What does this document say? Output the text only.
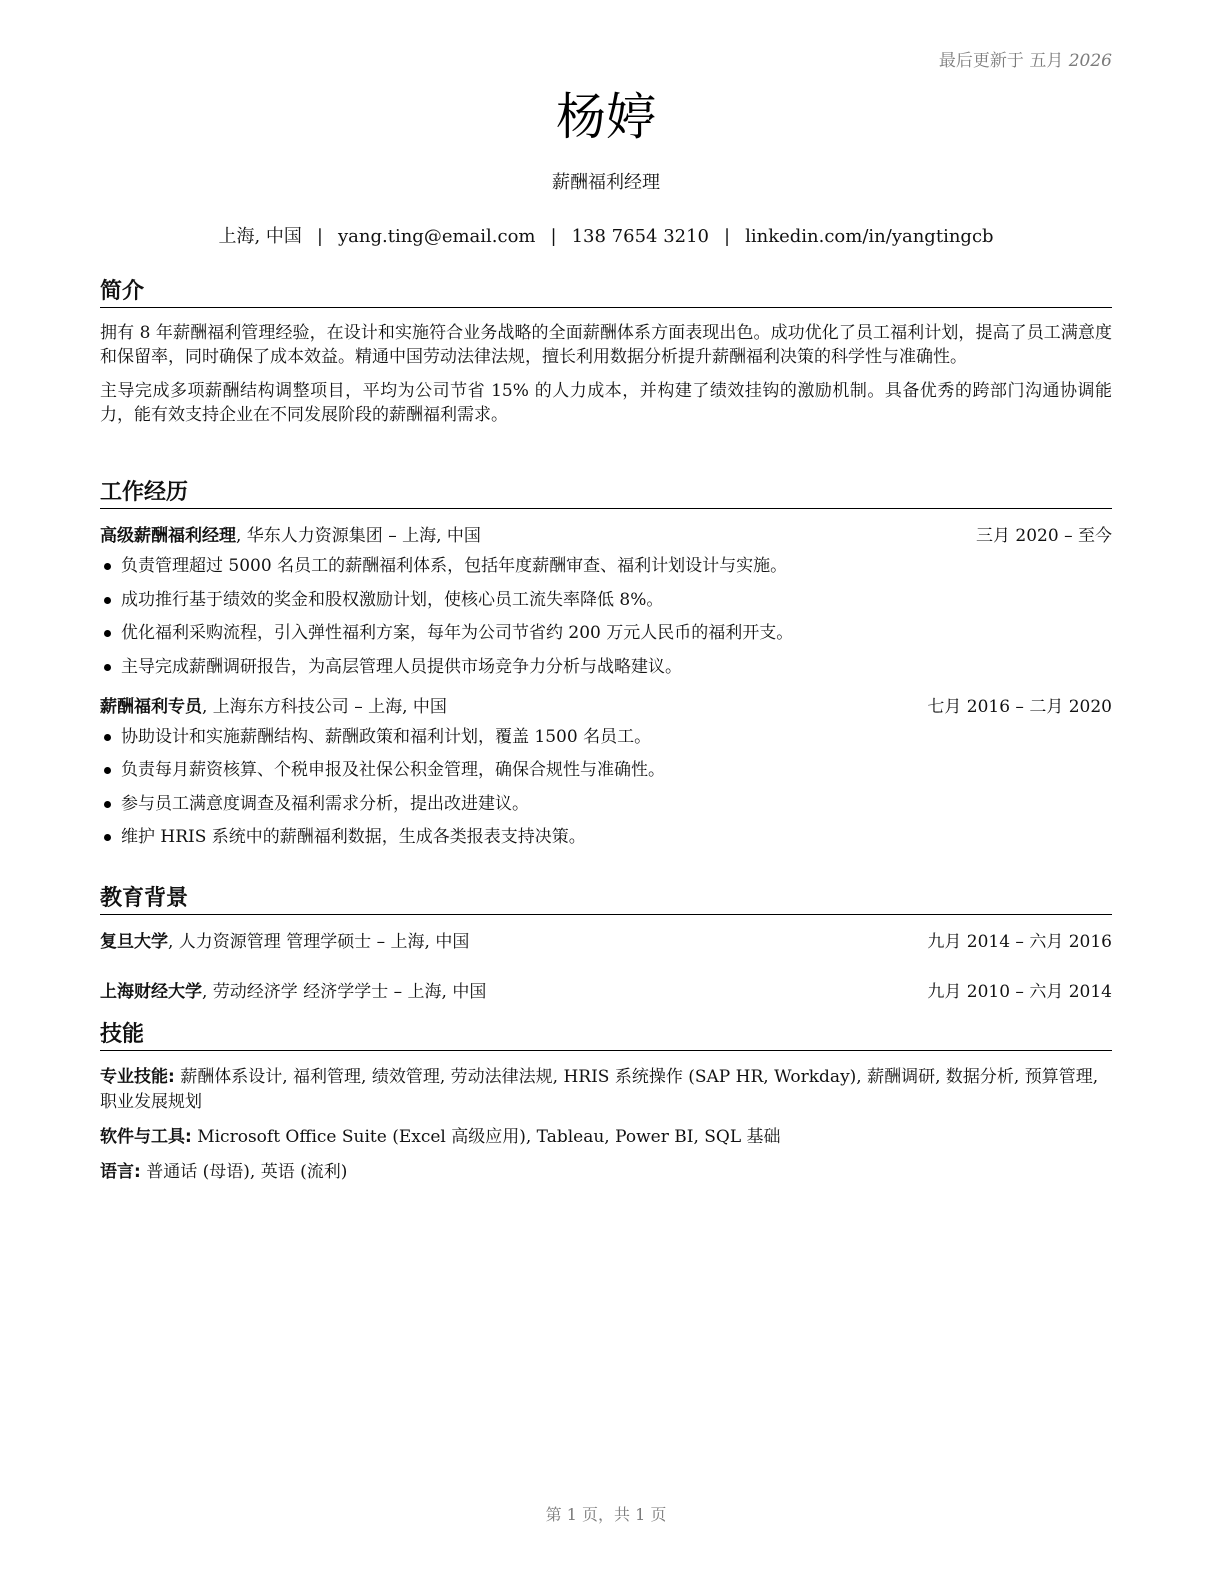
最后更新于 五月 2026
杨婷
薪酬福利经理
上海, 中国 | yang.ting@email.com | 138 7654 3210 | linkedin.com/in/yangtingcb
简介

拥有 8 年薪酬福利管理经验，在设计和实施符合业务战略的全面薪酬体系方面表现出色。成功优化了员工福利计划，提高了员工满意度和保留率，同时确保了成本效益。精通中国劳动法律法规，擅长利用数据分析提升薪酬福利决策的科学性与准确性。

主导完成多项薪酬结构调整项目，平均为公司节省 15% 的人力成本，并构建了绩效挂钩的激励机制。具备优秀的跨部门沟通协调能力，能有效支持企业在不同发展阶段的薪酬福利需求。

工作经历
高级薪酬福利经理, 华东人力资源集团 – 上海, 中国	三月 2020 – 至今
负责管理超过 5000 名员工的薪酬福利体系，包括年度薪酬审查、福利计划设计与实施。
成功推行基于绩效的奖金和股权激励计划，使核心员工流失率降低 8%。
优化福利采购流程，引入弹性福利方案，每年为公司节省约 200 万元人民币的福利开支。
主导完成薪酬调研报告，为高层管理人员提供市场竞争力分析与战略建议。
薪酬福利专员, 上海东方科技公司 – 上海, 中国	七月 2016 – 二月 2020
协助设计和实施薪酬结构、薪酬政策和福利计划，覆盖 1500 名员工。
负责每月薪资核算、个税申报及社保公积金管理，确保合规性与准确性。
参与员工满意度调查及福利需求分析，提出改进建议。
维护 HRIS 系统中的薪酬福利数据，生成各类报表支持决策。
教育背景
复旦大学, 人力资源管理 管理学硕士 – 上海, 中国	九月 2014 – 六月 2016
上海财经大学, 劳动经济学 经济学学士 – 上海, 中国	九月 2010 – 六月 2014
技能

专业技能: 薪酬体系设计, 福利管理, 绩效管理, 劳动法律法规, HRIS 系统操作 (SAP HR, Workday), 薪酬调研, 数据分析, 预算管理, 职业发展规划

软件与工具: Microsoft Office Suite (Excel 高级应用), Tableau, Power BI, SQL 基础

语言: 普通话 (母语), 英语 (流利)

第 1 页，共 1 页
